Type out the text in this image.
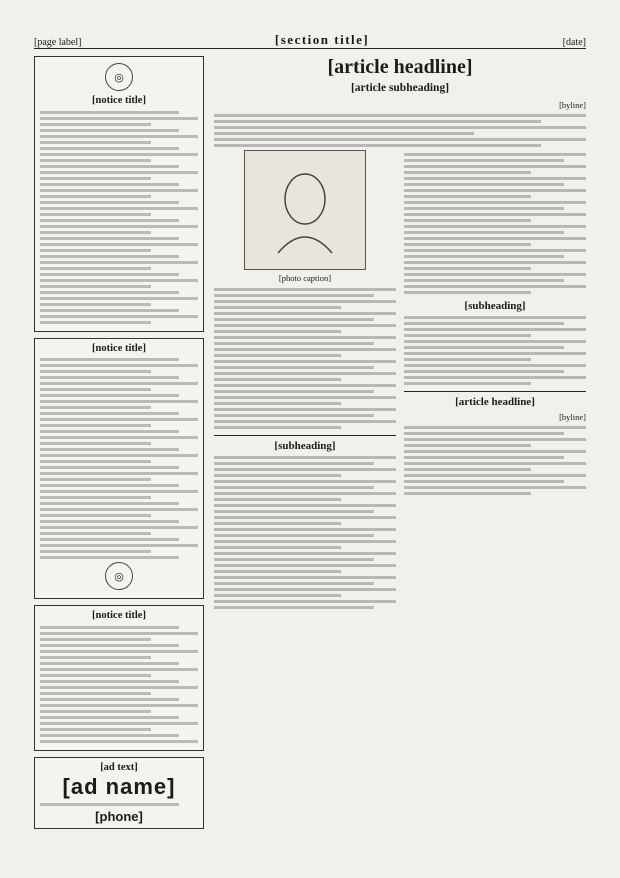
[page label]	[section title]	[date]
◎
[notice title]
[notice title]
◎
[notice title]
[ad text]
[ad name]
[phone]
[article headline]
[article subheading]
[byline]
[photo caption]
[subheading]
[subheading]
[article headline]
[byline]
